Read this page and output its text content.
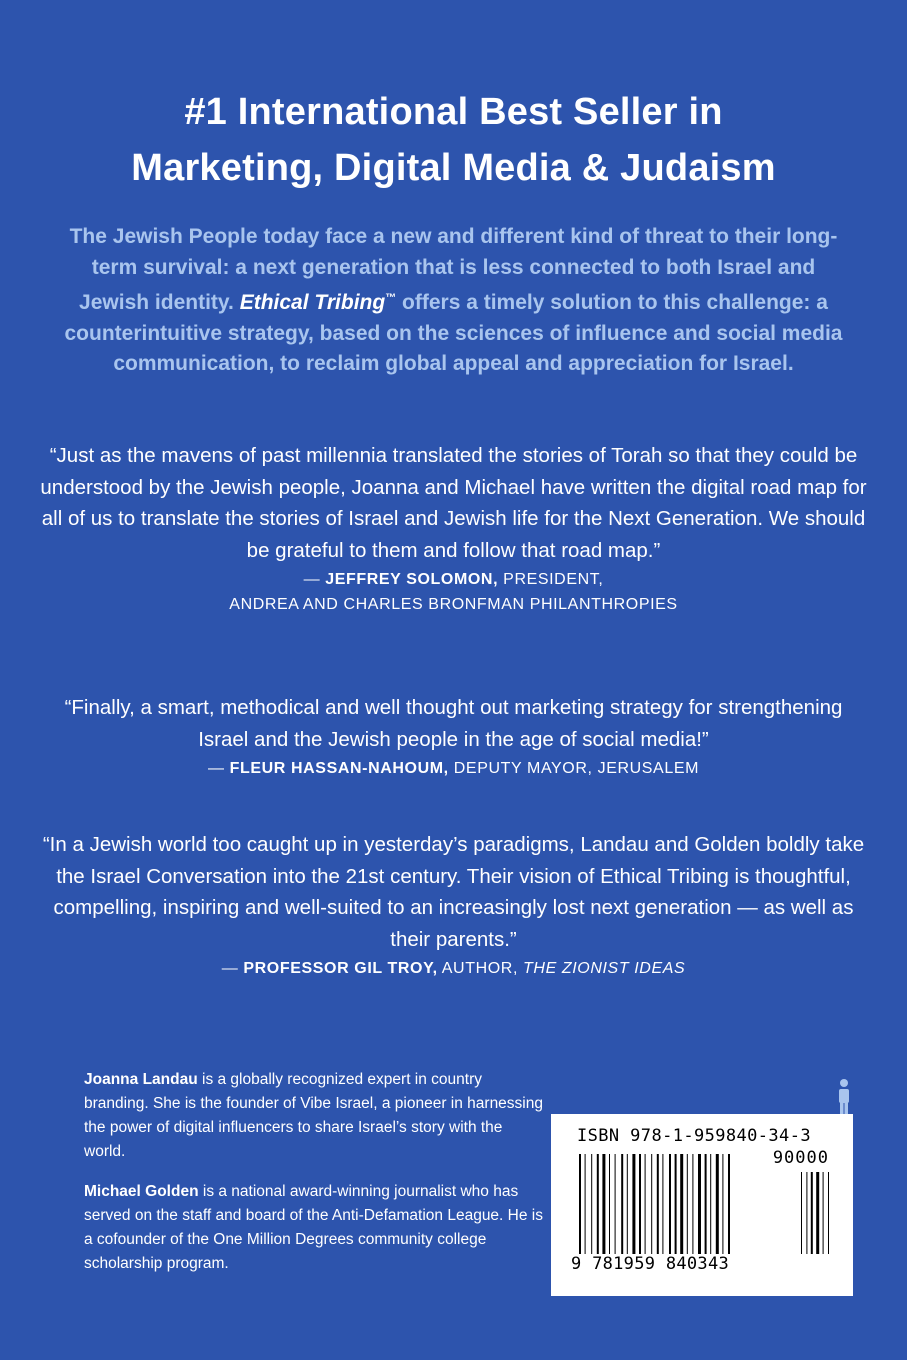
#1 International Best Seller in
Marketing, Digital Media & Judaism
The Jewish People today face a new and different kind of threat to their long-term survival: a next generation that is less connected to both Israel and Jewish identity. Ethical Tribing™ offers a timely solution to this challenge: a counterintuitive strategy, based on the sciences of influence and social media communication, to reclaim global appeal and appreciation for Israel.
“Just as the mavens of past millennia translated the stories of Torah so that they could be understood by the Jewish people, Joanna and Michael have written the digital road map for all of us to translate the stories of Israel and Jewish life for the Next Generation. We should be grateful to them and follow that road map.”
— JEFFREY SOLOMON, PRESIDENT,
ANDREA AND CHARLES BRONFMAN PHILANTHROPIES
“Finally, a smart, methodical and well thought out marketing strategy for strengthening Israel and the Jewish people in the age of social media!”
— FLEUR HASSAN-NAHOUM, DEPUTY MAYOR, JERUSALEM
“In a Jewish world too caught up in yesterday’s paradigms, Landau and Golden boldly take the Israel Conversation into the 21st century. Their vision of Ethical Tribing is thoughtful, compelling, inspiring and well-suited to an increasingly lost next generation — as well as their parents.”
— PROFESSOR GIL TROY, AUTHOR, THE ZIONIST IDEAS

Joanna Landau is a globally recognized expert in country branding. She is the founder of Vibe Israel, a pioneer in harnessing the power of digital influencers to share Israel’s story with the world.

Michael Golden is a national award-winning journalist who has served on the staff and board of the Anti-Defamation League. He is a cofounder of the One Million Degrees community college scholarship program.

ISBN 978-1-959840-34-3
90000
9 781959 840343
